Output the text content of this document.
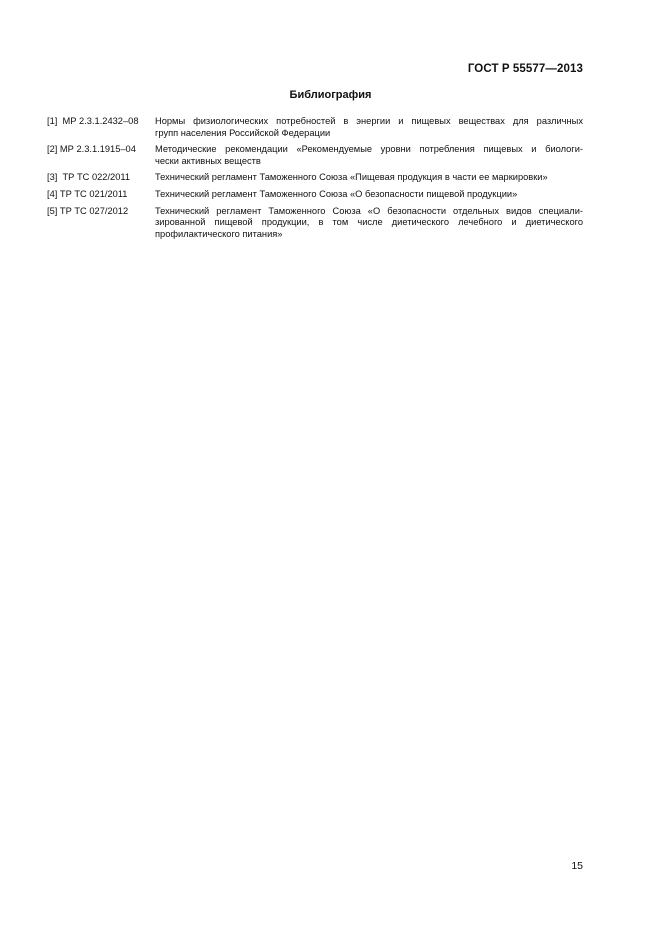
ГОСТ Р 55577—2013
Библиография
[1]  МР 2.3.1.2432–08	Нормы физиологических потребностей в энергии и пищевых веществах для различных
групп населения Российской Федерации
[2] МР 2.3.1.1915–04	Методические рекомендации «Рекомендуемые уровни потребления пищевых и биологи-
чески активных веществ
[3]  ТР ТС 022/2011	Технический регламент Таможенного Союза «Пищевая продукция в части ее маркировки»
[4] ТР ТС 021/2011	Технический регламент Таможенного Союза «О безопасности пищевой продукции»
[5] ТР ТС 027/2012	Технический регламент Таможенного Союза «О безопасности отдельных видов специали-
зированной пищевой продукции, в том числе диетического лечебного и диетического
профилактического питания»
15
